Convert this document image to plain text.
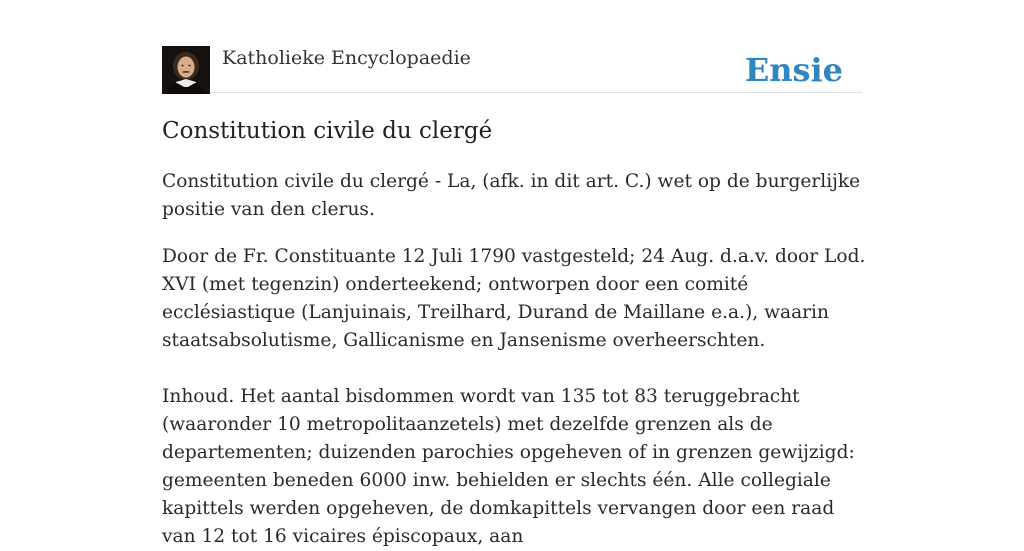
Katholieke Encyclopaedie	Ensie
Constitution civile du clergé

Constitution civile du clergé - La, (afk. in dit art. C.) wet op de burgerlijke positie van den clerus.

Door de Fr. Constituante 12 Juli 1790 vastgesteld; 24 Aug. d.a.v. door Lod. XVI (met tegenzin) onderteekend; ontworpen door een comité ecclésiastique (Lanjuinais, Treilhard, Durand de Maillane e.a.), waarin staatsabsolutisme, Gallicanisme en Jansenisme overheerschten.

Inhoud. Het aantal bisdommen wordt van 135 tot 83 teruggebracht (waaronder 10 metropolitaanzetels) met dezelfde grenzen als de departementen; duizenden parochies opgeheven of in grenzen gewijzigd: gemeenten beneden 6000 inw. behielden er slechts één. Alle collegiale kapittels werden opgeheven, de domkapittels vervangen door een raad van 12 tot 16 vicaires épiscopaux, aan
